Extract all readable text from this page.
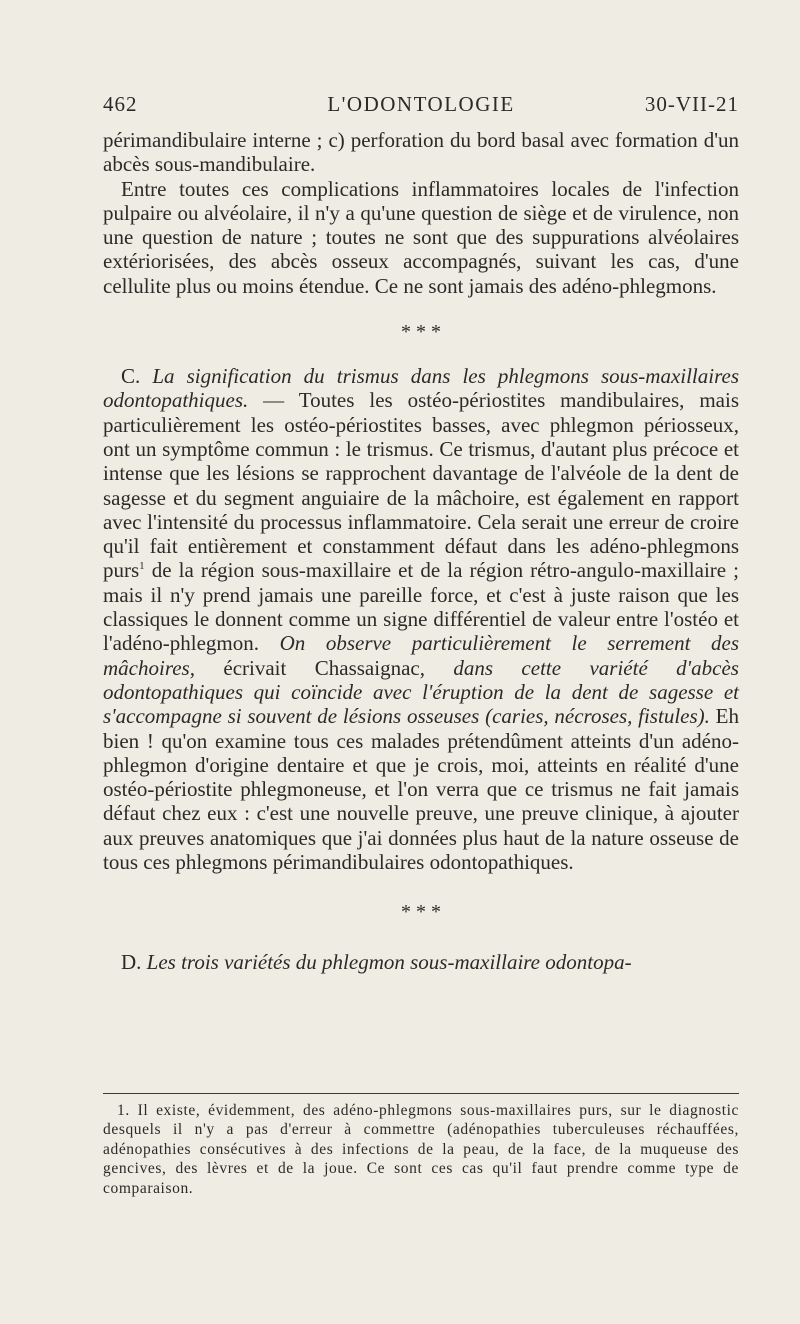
L'ODONTOLOGIE
462	30-VII-21

périmandibulaire interne ; c) perforation du bord basal avec formation d'un abcès sous-mandibulaire.

Entre toutes ces complications inflammatoires locales de l'infection pulpaire ou alvéolaire, il n'y a qu'une question de siège et de virulence, non une question de nature ; toutes ne sont que des suppurations alvéolaires extériorisées, des abcès osseux accompagnés, suivant les cas, d'une cellulite plus ou moins étendue. Ce ne sont jamais des adéno-phlegmons.

* * *

C. La signification du trismus dans les phlegmons sous-maxillaires odontopathiques. — Toutes les ostéo-périostites mandibulaires, mais particulièrement les ostéo-périostites basses, avec phlegmon périosseux, ont un symptôme commun : le trismus. Ce trismus, d'autant plus précoce et intense que les lésions se rapprochent davantage de l'alvéole de la dent de sagesse et du segment anguiaire de la mâchoire, est également en rapport avec l'intensité du processus inflammatoire. Cela serait une erreur de croire qu'il fait entièrement et constamment défaut dans les adéno-phlegmons purs$^1$ de la région sous-maxillaire et de la région rétro-angulo-maxillaire ; mais il n'y prend jamais une pareille force, et c'est à juste raison que les classiques le donnent comme un signe différentiel de valeur entre l'ostéo et l'adéno-phlegmon. On observe particulièrement le serrement des mâchoires, écrivait Chassaignac, dans cette variété d'abcès odontopathiques qui coïncide avec l'éruption de la dent de sagesse et s'accompagne si souvent de lésions osseuses (caries, nécroses, fistules). Eh bien ! qu'on examine tous ces malades prétendûment atteints d'un adéno-phlegmon d'origine dentaire et que je crois, moi, atteints en réalité d'une ostéo-périostite phlegmoneuse, et l'on verra que ce trismus ne fait jamais défaut chez eux : c'est une nouvelle preuve, une preuve clinique, à ajouter aux preuves anatomiques que j'ai données plus haut de la nature osseuse de tous ces phlegmons périmandibulaires odontopathiques.

* * *

D. Les trois variétés du phlegmon sous-maxillaire odontopa-

1. Il existe, évidemment, des adéno-phlegmons sous-maxillaires purs, sur le diagnostic desquels il n'y a pas d'erreur à commettre (adénopathies tuberculeuses réchauffées, adénopathies consécutives à des infections de la peau, de la face, de la muqueuse des gencives, des lèvres et de la joue. Ce sont ces cas qu'il faut prendre comme type de comparaison.
